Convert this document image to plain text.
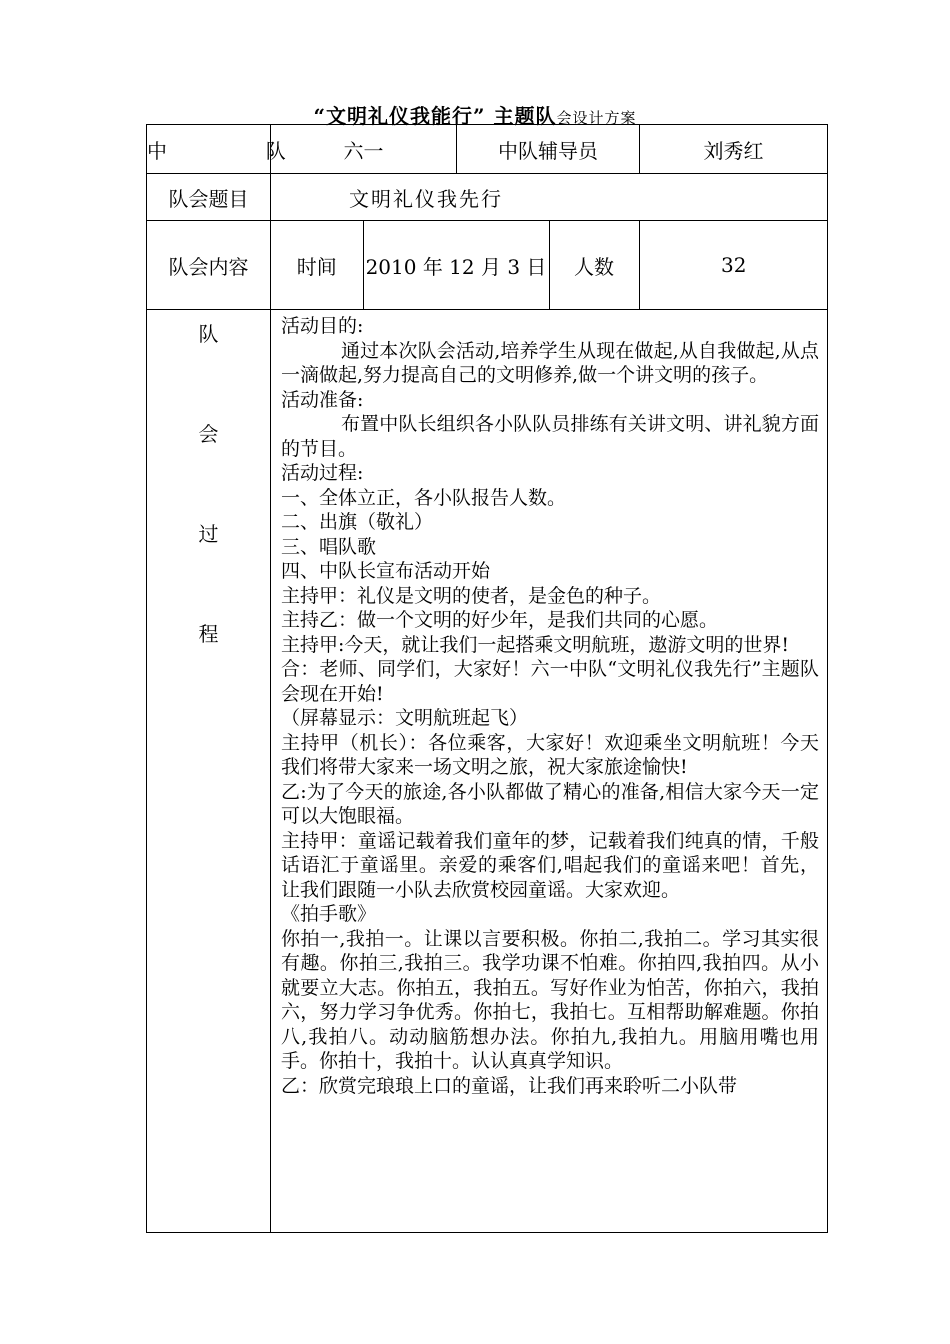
“文明礼仪我能行” 主题队会设计方案
中  队	六一	中队辅导员	刘秀红
队会题目	文明礼仪我先行
队会内容	时间	2010 年 12 月 3 日	人数	32

队
会
过
程

活动目的:
通过本次队会活动,培养学生从现在做起,从自我做起,从点一滴做起,努力提高自己的文明修养,做一个讲文明的孩子。
活动准备:
布置中队长组织各小队队员排练有关讲文明、讲礼貌方面的节目。
活动过程:
一、全体立正，各小队报告人数。
二、出旗（敬礼）
三、唱队歌
四、中队长宣布活动开始
主持甲：礼仪是文明的使者，是金色的种子。
主持乙：做一个文明的好少年，是我们共同的心愿。
主持甲:今天，就让我们一起搭乘文明航班，遨游文明的世界!
合：老师、同学们，大家好！六一中队“文明礼仪我先行”主题队会现在开始!
（屏幕显示：文明航班起飞）
主持甲（机长）：各位乘客，大家好！欢迎乘坐文明航班！今天我们将带大家来一场文明之旅，祝大家旅途愉快!
乙:为了今天的旅途,各小队都做了精心的准备,相信大家今天一定可以大饱眼福。
主持甲：童谣记载着我们童年的梦，记载着我们纯真的情，千般话语汇于童谣里。亲爱的乘客们,唱起我们的童谣来吧！首先，让我们跟随一小队去欣赏校园童谣。大家欢迎。
《拍手歌》
你拍一,我拍一。让课以言要积极。你拍二,我拍二。学习其实很有趣。你拍三,我拍三。我学功课不怕难。你拍四,我拍四。从小就要立大志。你拍五，我拍五。写好作业为怕苦，你拍六，我拍六，努力学习争优秀。你拍七，我拍七。互相帮助解难题。你拍八,我拍八。动动脑筋想办法。你拍九,我拍九。用脑用嘴也用手。你拍十，我拍十。认认真真学知识。
乙：欣赏完琅琅上口的童谣，让我们再来聆听二小队带
